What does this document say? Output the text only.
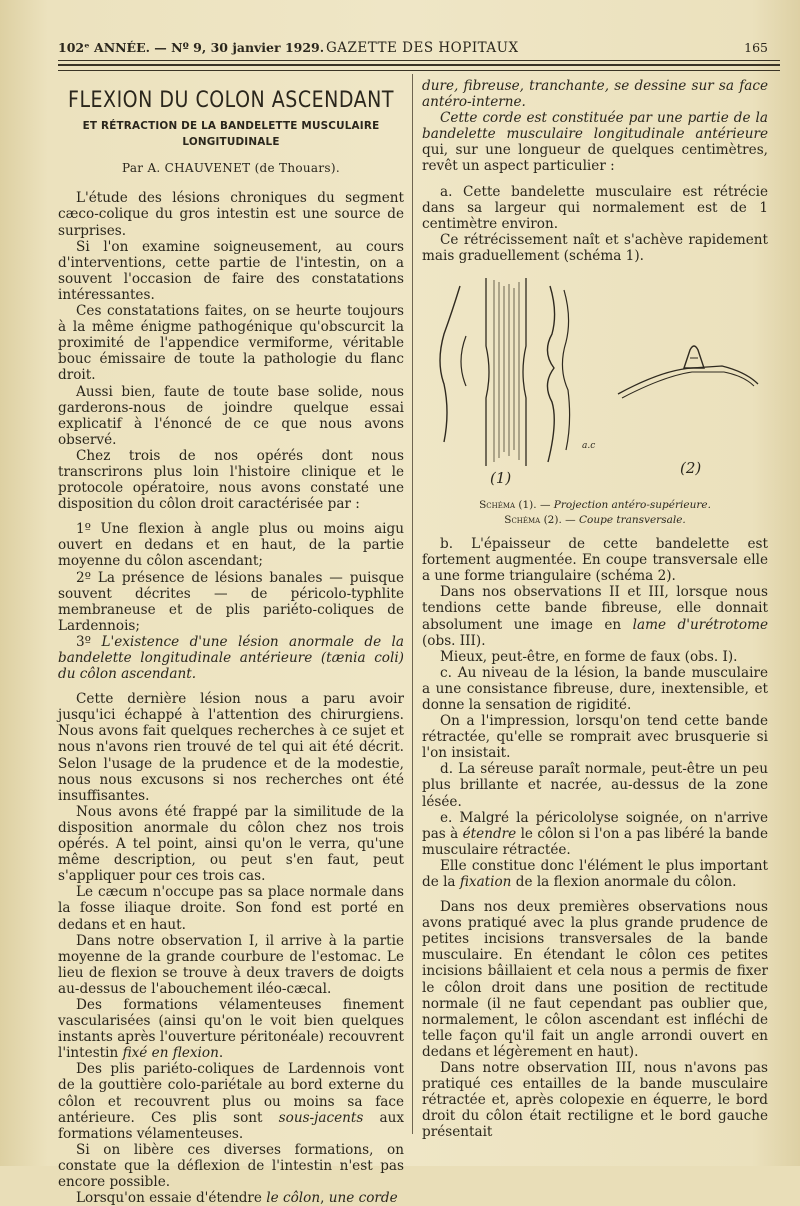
102ᵉ ANNÉE. — Nº 9, 30 janvier 1929. GAZETTE DES HOPITAUX	165
FLEXION DU COLON ASCENDANT
ET RÉTRACTION DE LA BANDELETTE MUSCULAIRE LONGITUDINALE
Par A. CHAUVENET (de Thouars).

L'étude des lésions chroniques du segment cæco-colique du gros intestin est une source de surprises.

Si l'on examine soigneusement, au cours d'interventions, cette partie de l'intestin, on a souvent l'occasion de faire des constatations intéressantes.

Ces constatations faites, on se heurte toujours à la même énigme pathogénique qu'obscurcit la proximité de l'appendice vermiforme, véritable bouc émissaire de toute la pathologie du flanc droit.

Aussi bien, faute de toute base solide, nous garderons-nous de joindre quelque essai explicatif à l'énoncé de ce que nous avons observé.

Chez trois de nos opérés dont nous transcrirons plus loin l'histoire clinique et le protocole opératoire, nous avons constaté une disposition du côlon droit caractérisée par :

1º Une flexion à angle plus ou moins aigu ouvert en dedans et en haut, de la partie moyenne du côlon ascendant;

2º La présence de lésions banales — puisque souvent décrites — de péricolo-typhlite membraneuse et de plis pariéto-coliques de Lardennois;

3º L'existence d'une lésion anormale de la bandelette longitudinale antérieure (tænia coli) du côlon ascendant.

Cette dernière lésion nous a paru avoir jusqu'ici échappé à l'attention des chirurgiens. Nous avons fait quelques recherches à ce sujet et nous n'avons rien trouvé de tel qui ait été décrit. Selon l'usage de la prudence et de la modestie, nous nous excusons si nos recherches ont été insuffisantes.

Nous avons été frappé par la similitude de la disposition anormale du côlon chez nos trois opérés. A tel point, ainsi qu'on le verra, qu'une même description, ou peut s'en faut, peut s'appliquer pour ces trois cas.

Le cæcum n'occupe pas sa place normale dans la fosse iliaque droite. Son fond est porté en dedans et en haut.

Dans notre observation I, il arrive à la partie moyenne de la grande courbure de l'estomac. Le lieu de flexion se trouve à deux travers de doigts au-dessus de l'abouchement iléo-cæcal.

Des formations vélamenteuses finement vascularisées (ainsi qu'on le voit bien quelques instants après l'ouverture péritonéale) recouvrent l'intestin fixé en flexion.

Des plis pariéto-coliques de Lardennois vont de la gouttière colo-pariétale au bord externe du côlon et recouvrent plus ou moins sa face antérieure. Ces plis sont sous-jacents aux formations vélamenteuses.

Si on libère ces diverses formations, on constate que la déflexion de l'intestin n'est pas encore possible.

Lorsqu'on essaie d'étendre le côlon, une corde

dure, fibreuse, tranchante, se dessine sur sa face antéro-interne.

Cette corde est constituée par une partie de la bandelette musculaire longitudinale antérieure qui, sur une longueur de quelques centimètres, revêt un aspect particulier :

a. Cette bandelette musculaire est rétrécie dans sa largeur qui normalement est de 1 centimètre environ.

Ce rétrécissement naît et s'achève rapidement mais graduellement (schéma 1).

a.c
(1)
(2)
Schéma (1). — Projection antéro-supérieure.
Schéma (2). — Coupe transversale.

b. L'épaisseur de cette bandelette est fortement augmentée. En coupe transversale elle a une forme triangulaire (schéma 2).

Dans nos observations II et III, lorsque nous tendions cette bande fibreuse, elle donnait absolument une image en lame d'urétrotome (obs. III).

Mieux, peut-être, en forme de faux (obs. I).

c. Au niveau de la lésion, la bande musculaire a une consistance fibreuse, dure, inextensible, et donne la sensation de rigidité.

On a l'impression, lorsqu'on tend cette bande rétractée, qu'elle se romprait avec brusquerie si l'on insistait.

d. La séreuse paraît normale, peut-être un peu plus brillante et nacrée, au-dessus de la zone lésée.

e. Malgré la péricololyse soignée, on n'arrive pas à étendre le côlon si l'on a pas libéré la bande musculaire rétractée.

Elle constitue donc l'élément le plus important de la fixation de la flexion anormale du côlon.

Dans nos deux premières observations nous avons pratiqué avec la plus grande prudence de petites incisions transversales de la bande musculaire. En étendant le côlon ces petites incisions bâillaient et cela nous a permis de fixer le côlon droit dans une position de rectitude normale (il ne faut cependant pas oublier que, normalement, le côlon ascendant est infléchi de telle façon qu'il fait un angle arrondi ouvert en dedans et légèrement en haut).

Dans notre observation III, nous n'avons pas pratiqué ces entailles de la bande musculaire rétractée et, après colopexie en équerre, le bord droit du côlon était rectiligne et le bord gauche présentait
